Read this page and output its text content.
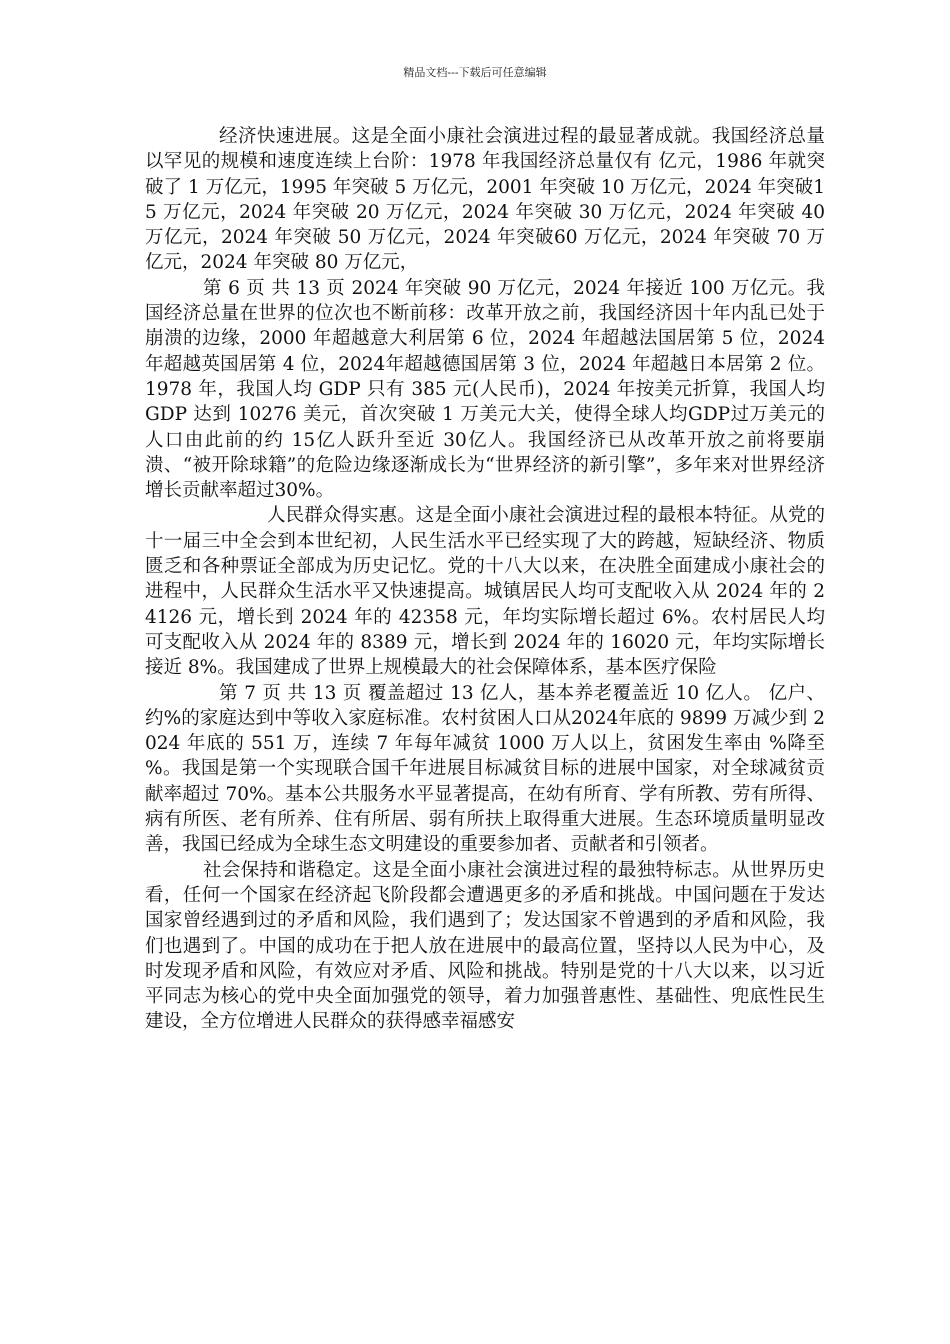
精品文档---下载后可任意编辑

经济快速进展。这是全面小康社会演进过程的最显著成就。我国经济总量以罕见的规模和速度连续上台阶：1978 年我国经济总量仅有 亿元，1986 年就突破了 1 万亿元，1995 年突破 5 万亿元，2001 年突破 10 万亿元，2024 年突破15 万亿元，2024 年突破 20 万亿元，2024 年突破 30 万亿元，2024 年突破 40 万亿元，2024 年突破 50 万亿元，2024 年突破60 万亿元，2024 年突破 70 万亿元，2024 年突破 80 万亿元，

第 6 页 共 13 页 2024 年突破 90 万亿元，2024 年接近 100 万亿元。我国经济总量在世界的位次也不断前移：改革开放之前，我国经济因十年内乱已处于崩溃的边缘，2000 年超越意大利居第 6 位，2024 年超越法国居第 5 位，2024 年超越英国居第 4 位，2024年超越德国居第 3 位，2024 年超越日本居第 2 位。1978 年，我国人均 GDP 只有 385 元(人民币)，2024 年按美元折算，我国人均 GDP 达到 10276 美元，首次突破 1 万美元大关，使得全球人均GDP过万美元的人口由此前的约 15亿人跃升至近 30亿人。我国经济已从改革开放之前将要崩溃、“被开除球籍”的危险边缘逐渐成长为“世界经济的新引擎”，多年来对世界经济增长贡献率超过30%。

人民群众得实惠。这是全面小康社会演进过程的最根本特征。从党的十一届三中全会到本世纪初，人民生活水平已经实现了大的跨越，短缺经济、物质匮乏和各种票证全部成为历史记忆。党的十八大以来，在决胜全面建成小康社会的进程中，人民群众生活水平又快速提高。城镇居民人均可支配收入从 2024 年的 24126 元，增长到 2024 年的 42358 元，年均实际增长超过 6%。农村居民人均可支配收入从 2024 年的 8389 元，增长到 2024 年的 16020 元，年均实际增长接近 8%。我国建成了世界上规模最大的社会保障体系，基本医疗保险

第 7 页 共 13 页 覆盖超过 13 亿人，基本养老覆盖近 10 亿人。 亿户、约%的家庭达到中等收入家庭标准。农村贫困人口从2024年底的 9899 万减少到 2024 年底的 551 万，连续 7 年每年减贫 1000 万人以上，贫困发生率由 %降至 %。我国是第一个实现联合国千年进展目标减贫目标的进展中国家，对全球减贫贡献率超过 70%。基本公共服务水平显著提高，在幼有所育、学有所教、劳有所得、病有所医、老有所养、住有所居、弱有所扶上取得重大进展。生态环境质量明显改善，我国已经成为全球生态文明建设的重要参加者、贡献者和引领者。

社会保持和谐稳定。这是全面小康社会演进过程的最独特标志。从世界历史看，任何一个国家在经济起飞阶段都会遭遇更多的矛盾和挑战。中国问题在于发达国家曾经遇到过的矛盾和风险，我们遇到了；发达国家不曾遇到的矛盾和风险，我们也遇到了。中国的成功在于把人放在进展中的最高位置，坚持以人民为中心，及时发现矛盾和风险，有效应对矛盾、风险和挑战。特别是党的十八大以来，以习近平同志为核心的党中央全面加强党的领导，着力加强普惠性、基础性、兜底性民生建设，全方位增进人民群众的获得感幸福感安
